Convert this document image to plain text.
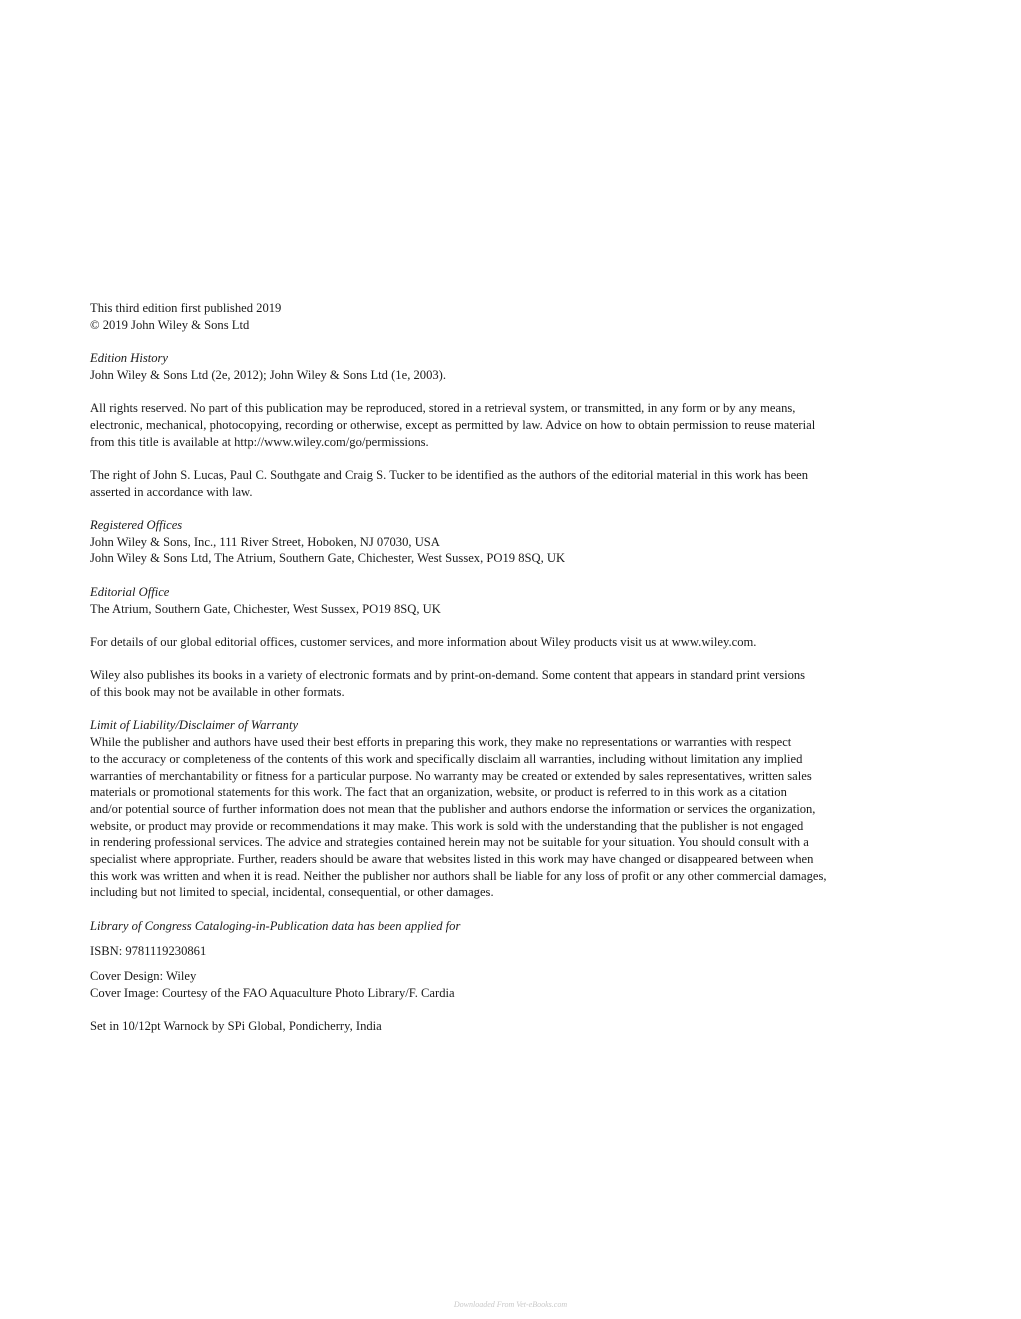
This third edition first published 2019
© 2019 John Wiley & Sons Ltd
Edition History
John Wiley & Sons Ltd (2e, 2012); John Wiley & Sons Ltd (1e, 2003).
All rights reserved. No part of this publication may be reproduced, stored in a retrieval system, or transmitted, in any form or by any means,
electronic, mechanical, photocopying, recording or otherwise, except as permitted by law. Advice on how to obtain permission to reuse material
from this title is available at http://www.wiley.com/go/permissions.
The right of John S. Lucas, Paul C. Southgate and Craig S. Tucker to be identified as the authors of the editorial material in this work has been
asserted in accordance with law.
Registered Offices
John Wiley & Sons, Inc., 111 River Street, Hoboken, NJ 07030, USA
John Wiley & Sons Ltd, The Atrium, Southern Gate, Chichester, West Sussex, PO19 8SQ, UK
Editorial Office
The Atrium, Southern Gate, Chichester, West Sussex, PO19 8SQ, UK
For details of our global editorial offices, customer services, and more information about Wiley products visit us at www.wiley.com.
Wiley also publishes its books in a variety of electronic formats and by print-on-demand. Some content that appears in standard print versions
of this book may not be available in other formats.
Limit of Liability/Disclaimer of Warranty
While the publisher and authors have used their best efforts in preparing this work, they make no representations or warranties with respect
to the accuracy or completeness of the contents of this work and specifically disclaim all warranties, including without limitation any implied
warranties of merchantability or fitness for a particular purpose. No warranty may be created or extended by sales representatives, written sales
materials or promotional statements for this work. The fact that an organization, website, or product is referred to in this work as a citation
and/or potential source of further information does not mean that the publisher and authors endorse the information or services the organization,
website, or product may provide or recommendations it may make. This work is sold with the understanding that the publisher is not engaged
in rendering professional services. The advice and strategies contained herein may not be suitable for your situation. You should consult with a
specialist where appropriate. Further, readers should be aware that websites listed in this work may have changed or disappeared between when
this work was written and when it is read. Neither the publisher nor authors shall be liable for any loss of profit or any other commercial damages,
including but not limited to special, incidental, consequential, or other damages.
Library of Congress Cataloging-in-Publication data has been applied for
ISBN: 9781119230861
Cover Design: Wiley
Cover Image: Courtesy of the FAO Aquaculture Photo Library/F. Cardia
Set in 10/12pt Warnock by SPi Global, Pondicherry, India
Downloaded From Vet-eBooks.com
